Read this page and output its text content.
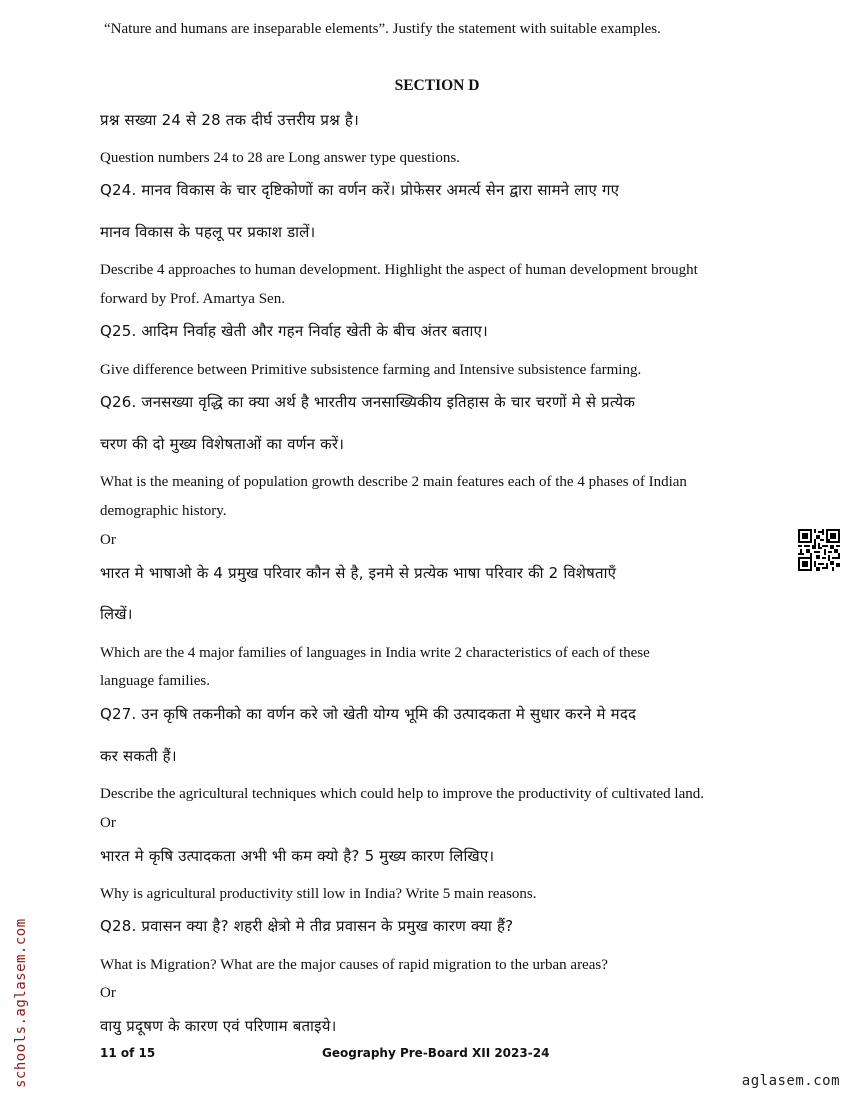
SECTION D
“Nature and humans are inseparable elements”. Justify the statement with suitable examples.
प्रश्न सख्या 24 से 28 तक दीर्घ उत्तरीय प्रश्न है।
Question numbers 24 to 28 are Long answer type questions.
Q24. मानव विकास के चार दृष्टिकोणों का वर्णन करें। प्रोफेसर अमर्त्य सेन द्वारा सामने लाए गए
मानव विकास के पहलू पर प्रकाश डालें।
Describe 4 approaches to human development. Highlight the aspect of human development brought
forward by Prof. Amartya Sen.
Q25. आदिम निर्वाह खेती और गहन निर्वाह खेती के बीच अंतर बताए।
Give difference between Primitive subsistence farming and Intensive subsistence farming.
Q26. जनसख्या वृद्धि का क्या अर्थ है भारतीय जनसाख्यिकीय इतिहास के चार चरणों मे से प्रत्येक
चरण की दो मुख्य विशेषताओं का वर्णन करें।
What is the meaning of population growth describe 2 main features each of the 4 phases of Indian
demographic history.
Or
भारत मे भाषाओ के 4 प्रमुख परिवार कौन से है, इनमे से प्रत्येक भाषा परिवार की 2 विशेषताएँ
लिखें।
Which are the 4 major families of languages in India write 2 characteristics of each of these
language families.
Q27. उन कृषि तकनीको का वर्णन करे जो खेती योग्य भूमि की उत्पादकता मे सुधार करने मे मदद
कर सकती हैं।
Describe the agricultural techniques which could help to improve the productivity of cultivated land.
Or
भारत मे कृषि उत्पादकता अभी भी कम क्यो है? 5 मुख्य कारण लिखिए।
Why is agricultural productivity still low in India? Write 5 main reasons.
Q28. प्रवासन क्या है? शहरी क्षेत्रो मे तीव्र प्रवासन के प्रमुख कारण क्या हैं?
What is Migration? What are the major causes of rapid migration to the urban areas?
Or
वायु प्रदूषण के कारण एवं परिणाम बताइये।
11 of 15	Geography Pre-Board XII 2023-24
schools.aglasem.com	aglasem.com
